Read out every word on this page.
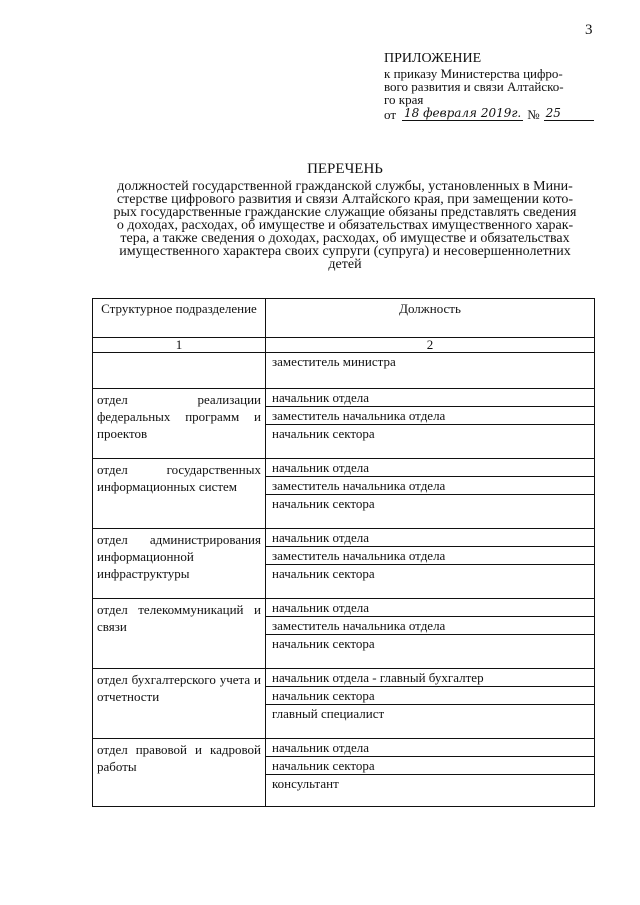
3
ПРИЛОЖЕНИЕ
к приказу Министерства цифро-
вого развития и связи Алтайско-
го края
от 18 февраля 2019г. № 25
ПЕРЕЧЕНЬ
должностей государственной гражданской службы, установленных в Мини-
стерстве цифрового развития и связи Алтайского края, при замещении кото-
рых государственные гражданские служащие обязаны представлять сведения
о доходах, расходах, об имуществе и обязательствах имущественного харак-
тера, а также сведения о доходах, расходах, об имуществе и обязательствах
имущественного характера своих супруги (супруга) и несовершеннолетних
детей
Структурное подразделение	Должность
1	2

	заместитель министра

отдел реализации федеральных программ и проектов	начальник отдела
заместитель начальника отдела
начальник сектора

отдел государственных информационных систем	начальник отдела
заместитель начальника отдела
начальник сектора

отдел администрирования информационной инфраструктуры	начальник отдела
заместитель начальника отдела
начальник сектора

отдел телекоммуникаций и связи	начальник отдела
заместитель начальника отдела
начальник сектора

отдел бухгалтерского учета и отчетности	начальник отдела - главный бухгалтер
начальник сектора
главный специалист

отдел правовой и кадровой работы	начальник отдела
начальник сектора
консультант
